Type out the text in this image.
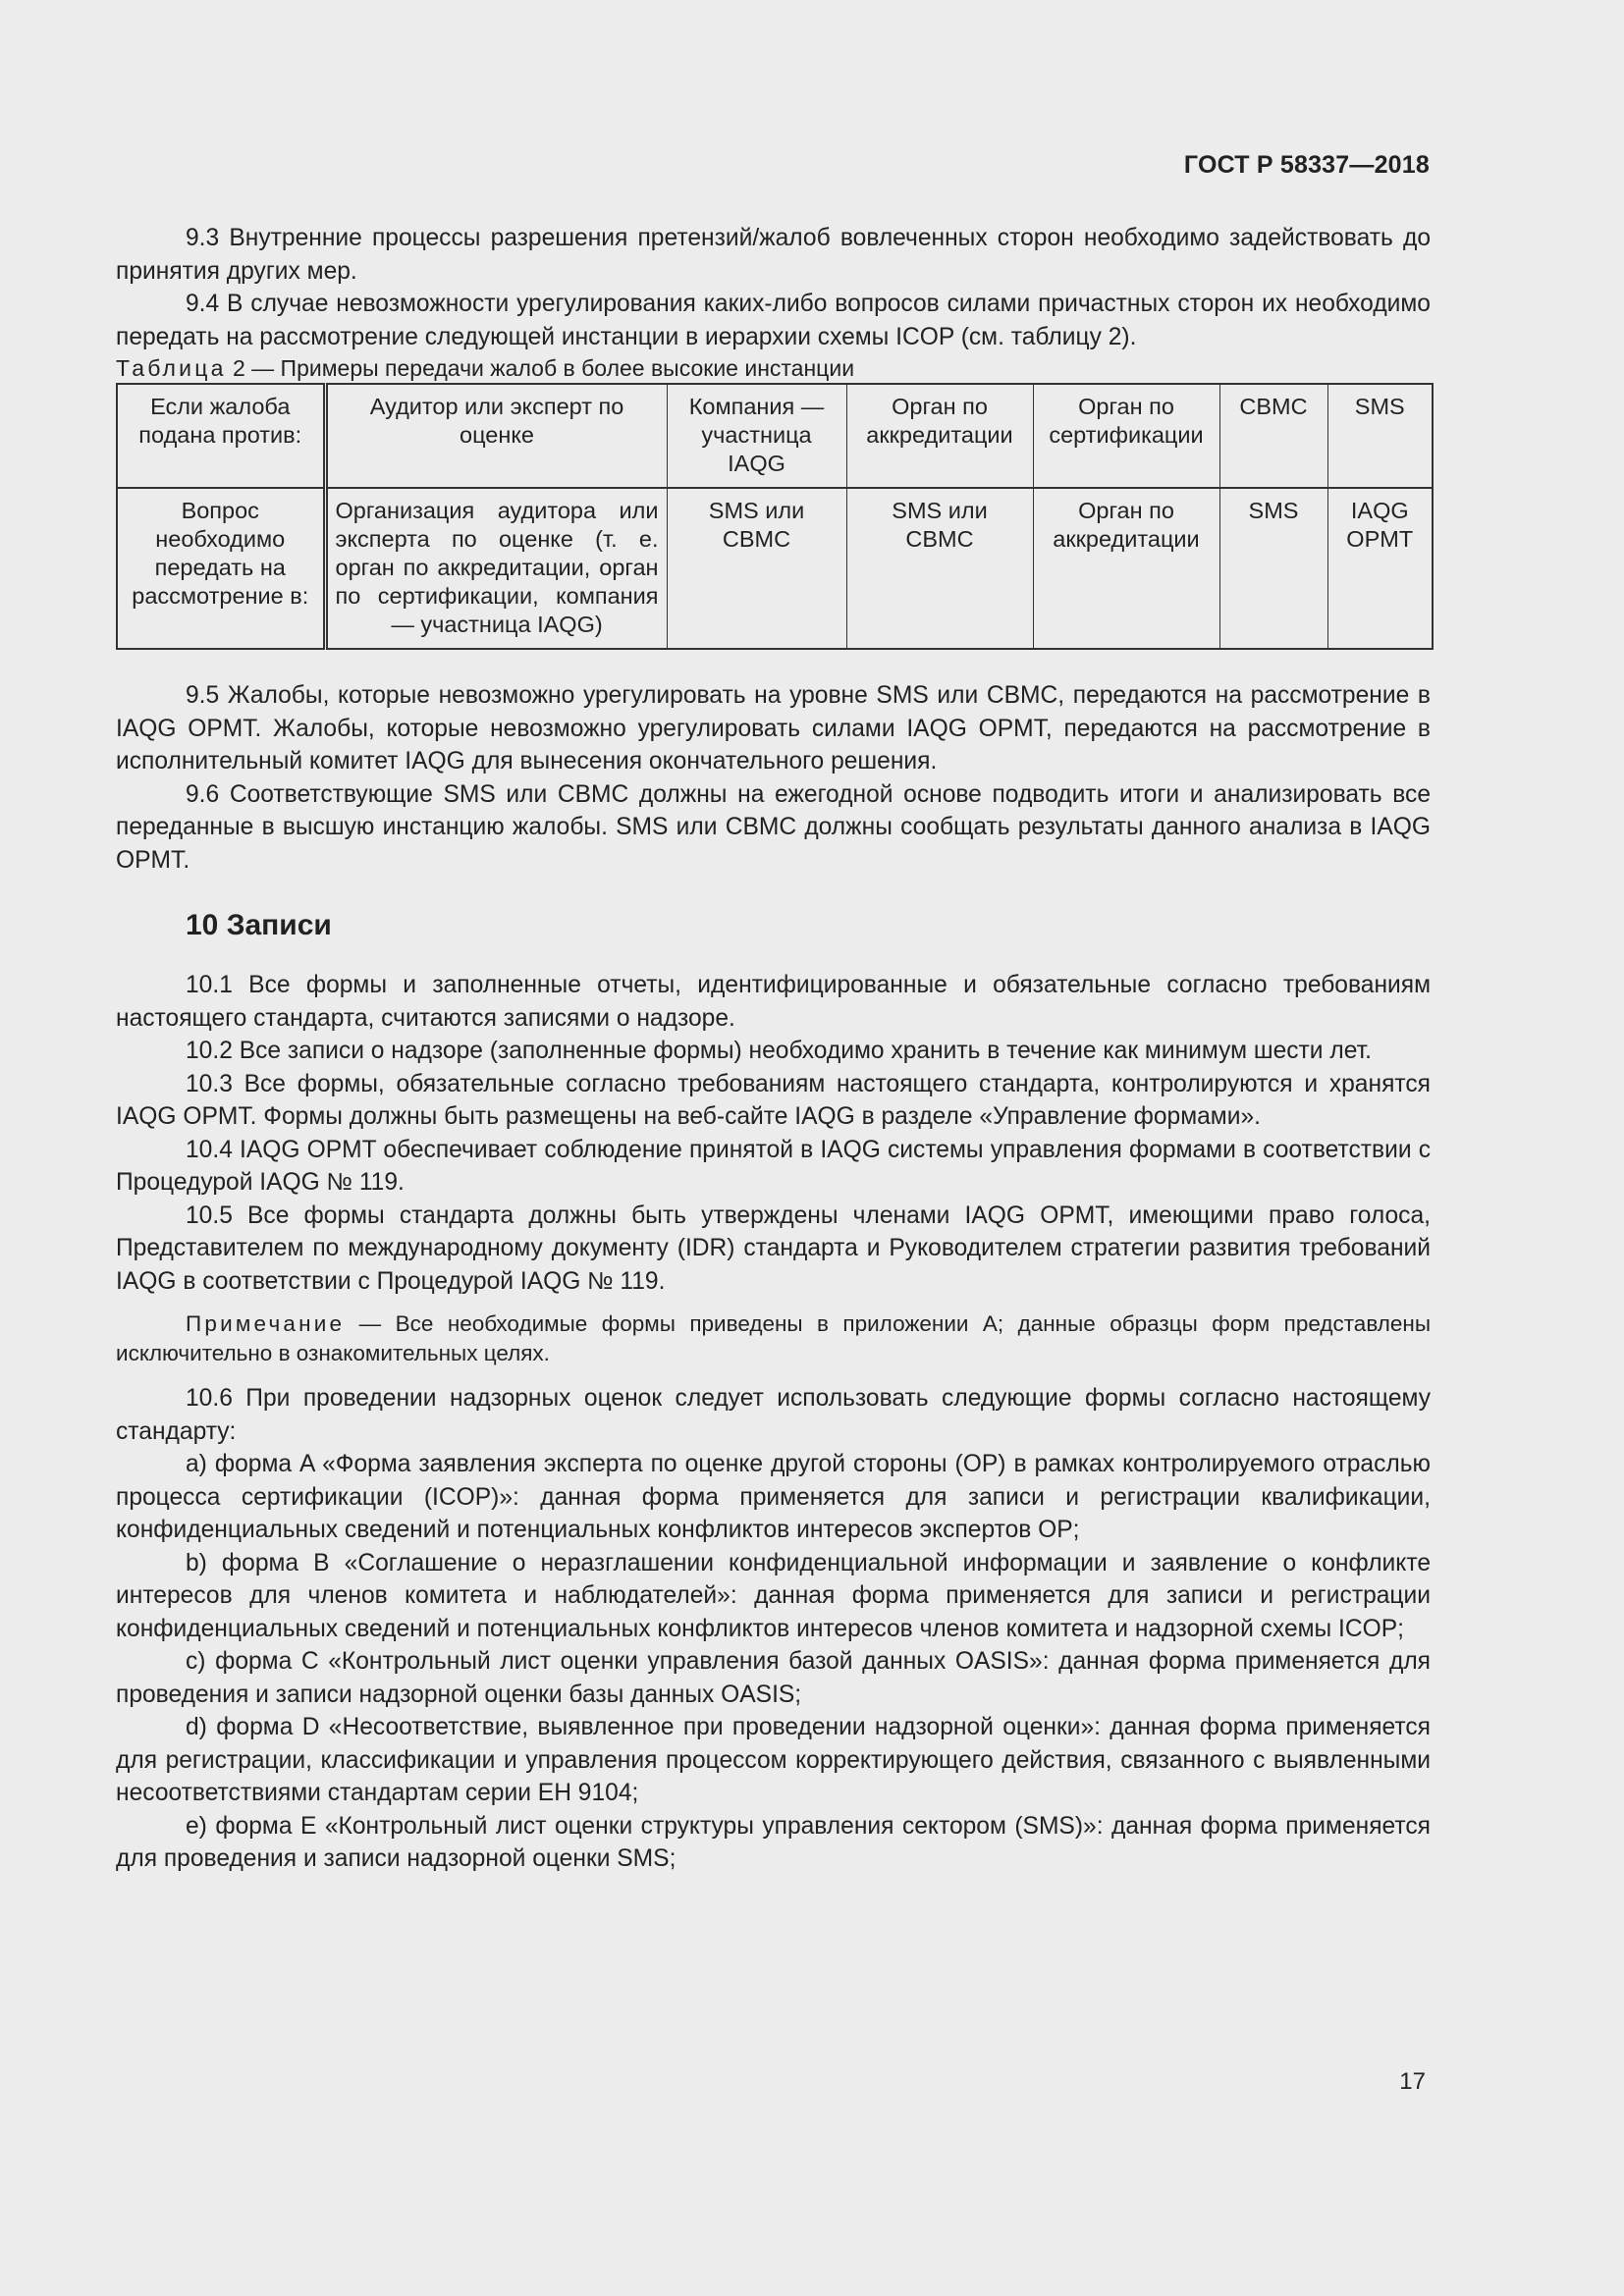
ГОСТ Р 58337—2018

9.3 Внутренние процессы разрешения претензий/жалоб вовлеченных сторон необходимо задействовать до принятия других мер.

9.4 В случае невозможности урегулирования каких-либо вопросов силами причастных сторон их необходимо передать на рассмотрение следующей инстанции в иерархии схемы ICOP (см. таблицу 2).

Таблица 2 — Примеры передачи жалоб в более высокие инстанции

Если жалоба подана против:	Аудитор или эксперт по оценке	Компания — участница IAQG	Орган по аккредитации	Орган по сертификации	CBMC	SMS
Вопрос необходимо передать на рассмотрение в:	Организация аудитора или эксперта по оценке (т. е. орган по аккредитации, орган по сертификации, компания — участница IAQG)	SMS или CBMC	SMS или CBMC	Орган по аккредитации	SMS	IAQG OPMT

9.5 Жалобы, которые невозможно урегулировать на уровне SMS или CBMC, передаются на рассмотрение в IAQG OPMT. Жалобы, которые невозможно урегулировать силами IAQG OPMT, передаются на рассмотрение в исполнительный комитет IAQG для вынесения окончательного решения.

9.6 Соответствующие SMS или CBMC должны на ежегодной основе подводить итоги и анализировать все переданные в высшую инстанцию жалобы. SMS или CBMC должны сообщать результаты данного анализа в IAQG OPMT.

10 Записи

10.1 Все формы и заполненные отчеты, идентифицированные и обязательные согласно требованиям настоящего стандарта, считаются записями о надзоре.

10.2 Все записи о надзоре (заполненные формы) необходимо хранить в течение как минимум шести лет.

10.3 Все формы, обязательные согласно требованиям настоящего стандарта, контролируются и хранятся IAQG OPMT. Формы должны быть размещены на веб-сайте IAQG в разделе «Управление формами».

10.4 IAQG OPMT обеспечивает соблюдение принятой в IAQG системы управления формами в соответствии с Процедурой IAQG № 119.

10.5 Все формы стандарта должны быть утверждены членами IAQG OPMT, имеющими право голоса, Представителем по международному документу (IDR) стандарта и Руководителем стратегии развития требований IAQG в соответствии с Процедурой IAQG № 119.

Примечание — Все необходимые формы приведены в приложении А; данные образцы форм представлены исключительно в ознакомительных целях.

10.6 При проведении надзорных оценок следует использовать следующие формы согласно настоящему стандарту:

a) форма A «Форма заявления эксперта по оценке другой стороны (OP) в рамках контролируемого отраслью процесса сертификации (ICOP)»: данная форма применяется для записи и регистрации квалификации, конфиденциальных сведений и потенциальных конфликтов интересов экспертов OP;

b) форма B «Соглашение о неразглашении конфиденциальной информации и заявление о конфликте интересов для членов комитета и наблюдателей»: данная форма применяется для записи и регистрации конфиденциальных сведений и потенциальных конфликтов интересов членов комитета и надзорной схемы ICOP;

c) форма C «Контрольный лист оценки управления базой данных OASIS»: данная форма применяется для проведения и записи надзорной оценки базы данных OASIS;

d) форма D «Несоответствие, выявленное при проведении надзорной оценки»: данная форма применяется для регистрации, классификации и управления процессом корректирующего действия, связанного с выявленными несоответствиями стандартам серии ЕН 9104;

e) форма E «Контрольный лист оценки структуры управления сектором (SMS)»: данная форма применяется для проведения и записи надзорной оценки SMS;

17
